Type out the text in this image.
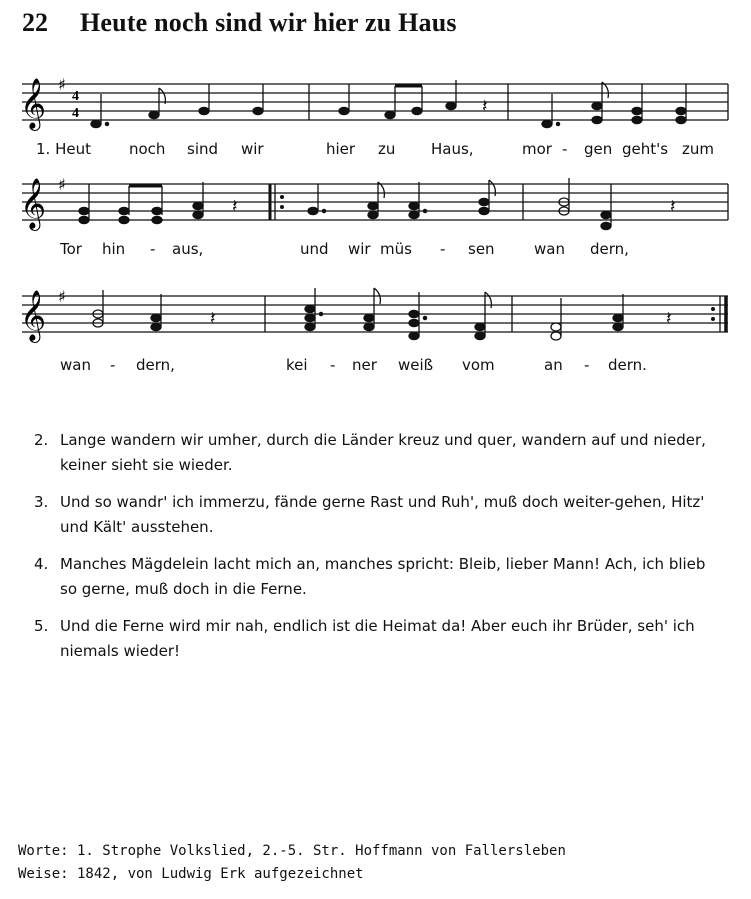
22 Heute noch sind wir hier zu Haus
𝄞 ♯
4
4	𝄽
1. Heut	noch sind wir	hier zu Haus,	mor - gen geht's zum
𝄞 ♯
𝄽	𝄽
Tor hin - aus,	und wir müs - sen	wan dern,
𝄞 ♯
𝄽	𝄽
wan - dern,	kei - ner weiß vom	an - dern.
2. Lange wandern wir umher, durch die Länder kreuz und quer, wandern auf und nieder, keiner sieht sie wieder.
3. Und so wandr' ich immerzu, fände gerne Rast und Ruh', muß doch weiter-gehen, Hitz' und Kält' ausstehen.
4. Manches Mägdelein lacht mich an, manches spricht: Bleib, lieber Mann! Ach, ich blieb so gerne, muß doch in die Ferne.
5. Und die Ferne wird mir nah, endlich ist die Heimat da! Aber euch ihr Brüder, seh' ich niemals wieder!
Worte: 1. Strophe Volkslied, 2.-5. Str. Hoffmann von Fallersleben
Weise: 1842, von Ludwig Erk aufgezeichnet
